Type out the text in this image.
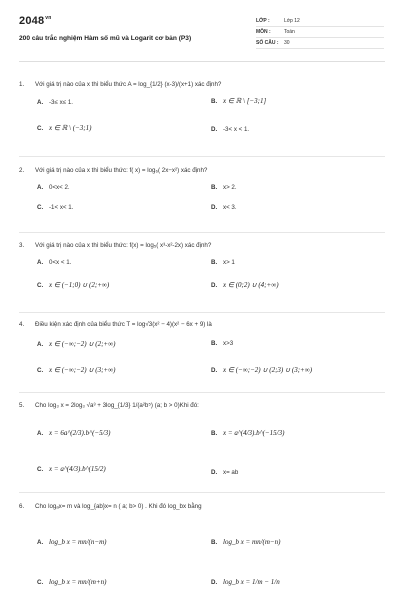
$2048^{vn}$
200 câu trắc nghiệm Hàm số mũ và Logarit cơ bản (P3)
LỚP :	Lớp 12
MÔN :	Toán
SỐ CÂU :	30
1.	Với giá trị nào của x thì biểu thức A = log_{1/2} (x-3)/(x+1) xác định?
A. -3≤ x≤ 1.	B. x ∈ ℝ \ [−3;1]
C. x ∈ ℝ \ (−3;1)	D. -3< x < 1.
2.	Với giá trị nào của x thì biểu thức: f( x) = log₆( 2x−x²) xác định?
A. 0<x< 2.	B. x> 2.
C. -1< x< 1.	D. x< 3.
3.	Với giá trị nào của x thì biểu thức: f(x) = log₅( x³-x²-2x) xác định?
A. 0<x < 1.	B. x> 1
C. x ∈ (−1;0) ∪ (2;+∞)	D. x ∈ (0;2) ∪ (4;+∞)
4.	Điều kiện xác định của biểu thức T = log√3(x² − 4)(x² − 6x + 9) là
A. x ∈ (−∞;−2) ∪ (2;+∞)	B. x>3
C. x ∈ (−∞;−2) ∪ (3;+∞)	D. x ∈ (−∞;−2) ∪ (2;3) ∪ (3;+∞)
5.	Cho log₃ x = 2log₃ √a³ + 3log_{1/3} 1/(a²b⁵) (a; b > 0)Khi đó:
A. x = 6a^(2/3).b^(−5/3)	B. x = a^(4/3).b^(−15/3)
C. x = a^(4/3).b^(15/2)	D. x= ab
6.	Cho logₐx= m và log_{ab}x= n ( a; b> 0) . Khi đó log_bx bằng
A. log_b x = mn/(n−m)	B. log_b x = mn/(m−n)
C. log_b x = mn/(m+n)	D. log_b x = 1/m − 1/n
